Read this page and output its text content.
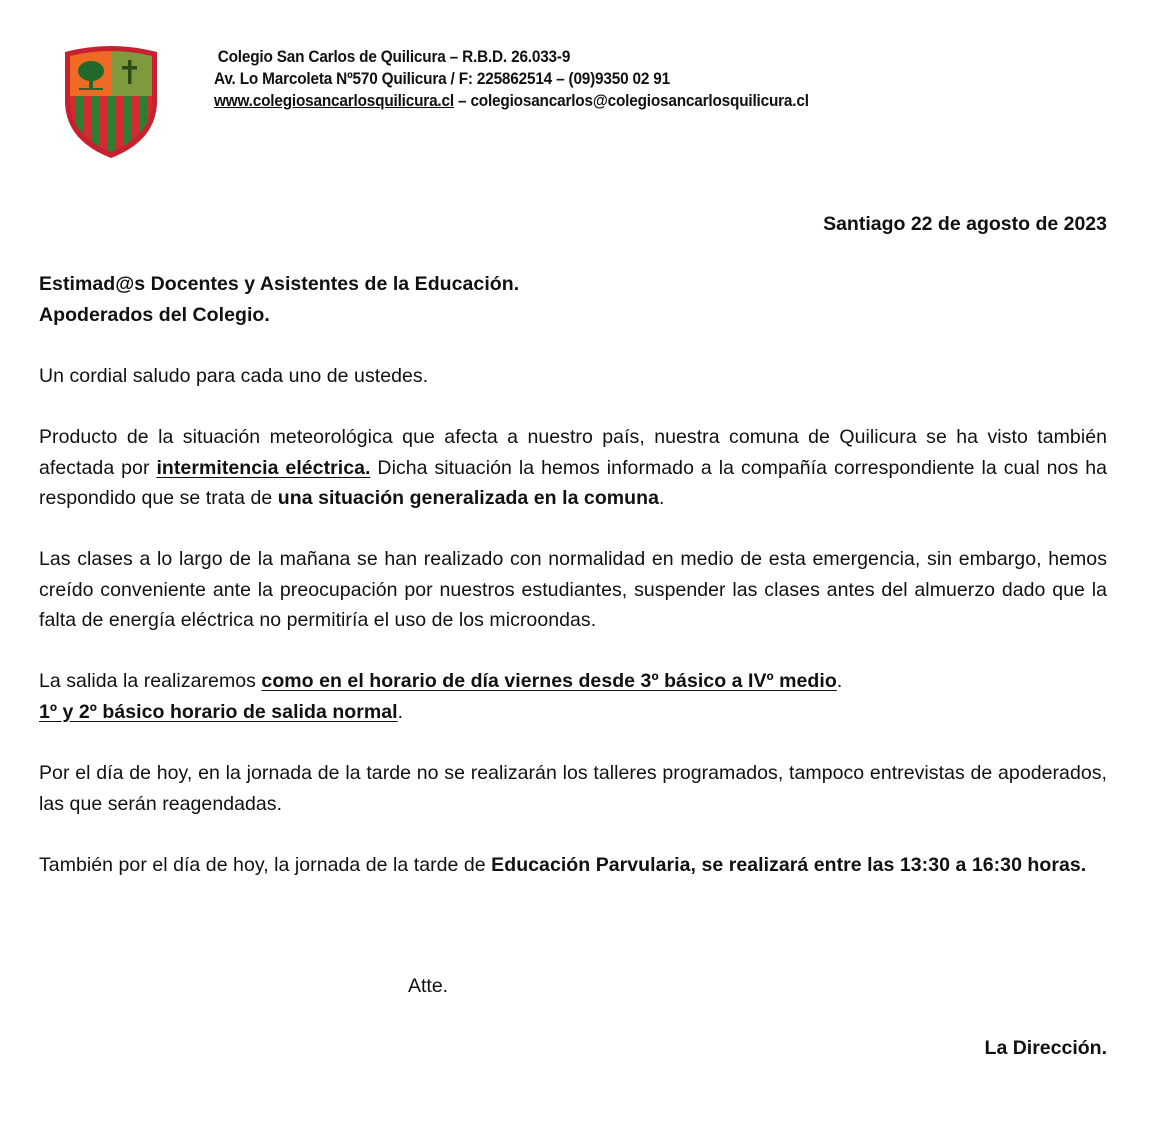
Colegio San Carlos de Quilicura – R.B.D. 26.033-9
Av. Lo Marcoleta Nº570 Quilicura / F: 225862514 – (09)9350 02 91
www.colegiosancarlosquilicura.cl – colegiosancarlos@colegiosancarlosquilicura.cl
Santiago 22 de agosto de 2023
Estimad@s Docentes y Asistentes de la Educación.
Apoderados del Colegio.
Un cordial saludo para cada uno de ustedes.
Producto de la situación meteorológica que afecta a nuestro país, nuestra comuna de Quilicura se ha visto también afectada por intermitencia eléctrica. Dicha situación la hemos informado a la compañía correspondiente la cual nos ha respondido que se trata de una situación generalizada en la comuna.
Las clases a lo largo de la mañana se han realizado con normalidad en medio de esta emergencia, sin embargo, hemos creído conveniente ante la preocupación por nuestros estudiantes, suspender las clases antes del almuerzo dado que la falta de energía eléctrica no permitiría el uso de los microondas.
La salida la realizaremos como en el horario de día viernes desde 3º básico a IVº medio.
1º y 2º básico horario de salida normal.
Por el día de hoy, en la jornada de la tarde no se realizarán los talleres programados, tampoco entrevistas de apoderados, las que serán reagendadas.
También por el día de hoy, la jornada de la tarde de Educación Parvularia, se realizará entre las 13:30 a 16:30 horas.
Atte.
La Dirección.
